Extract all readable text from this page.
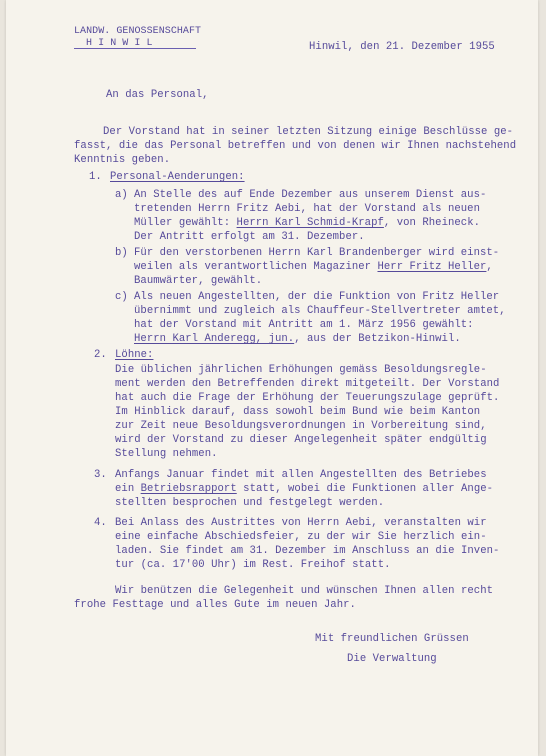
LANDW. GENOSSENSCHAFT
H I N W I L	Hinwil, den 21. Dezember 1955
An das Personal,
Der Vorstand hat in seiner letzten Sitzung einige Beschlüsse ge-
fasst, die das Personal betreffen und von denen wir Ihnen nachstehend
Kenntnis geben.
1. Personal-Aenderungen:
a) An Stelle des auf Ende Dezember aus unserem Dienst aus-
tretenden Herrn Fritz Aebi, hat der Vorstand als neuen
Müller gewählt: Herrn Karl Schmid-Krapf, von Rheineck.
Der Antritt erfolgt am 31. Dezember.
b) Für den verstorbenen Herrn Karl Brandenberger wird einst-
weilen als verantwortlichen Magaziner Herr Fritz Heller,
Baumwärter, gewählt.
c) Als neuen Angestellten, der die Funktion von Fritz Heller
übernimmt und zugleich als Chauffeur-Stellvertreter amtet,
hat der Vorstand mit Antritt am 1. März 1956 gewählt:
Herrn Karl Anderegg, jun., aus der Betzikon-Hinwil.
2. Löhne:
Die üblichen jährlichen Erhöhungen gemäss Besoldungsregle-
ment werden den Betreffenden direkt mitgeteilt. Der Vorstand
hat auch die Frage der Erhöhung der Teuerungszulage geprüft.
Im Hinblick darauf, dass sowohl beim Bund wie beim Kanton
zur Zeit neue Besoldungsverordnungen in Vorbereitung sind,
wird der Vorstand zu dieser Angelegenheit später endgültig
Stellung nehmen.
3. Anfangs Januar findet mit allen Angestellten des Betriebes
ein Betriebsrapport statt, wobei die Funktionen aller Ange-
stellten besprochen und festgelegt werden.
4. Bei Anlass des Austrittes von Herrn Aebi, veranstalten wir
eine einfache Abschiedsfeier, zu der wir Sie herzlich ein-
laden. Sie findet am 31. Dezember im Anschluss an die Inven-
tur (ca. 17'00 Uhr) im Rest. Freihof statt.
Wir benützen die Gelegenheit und wünschen Ihnen allen recht
frohe Festtage und alles Gute im neuen Jahr.
Mit freundlichen Grüssen
Die Verwaltung
